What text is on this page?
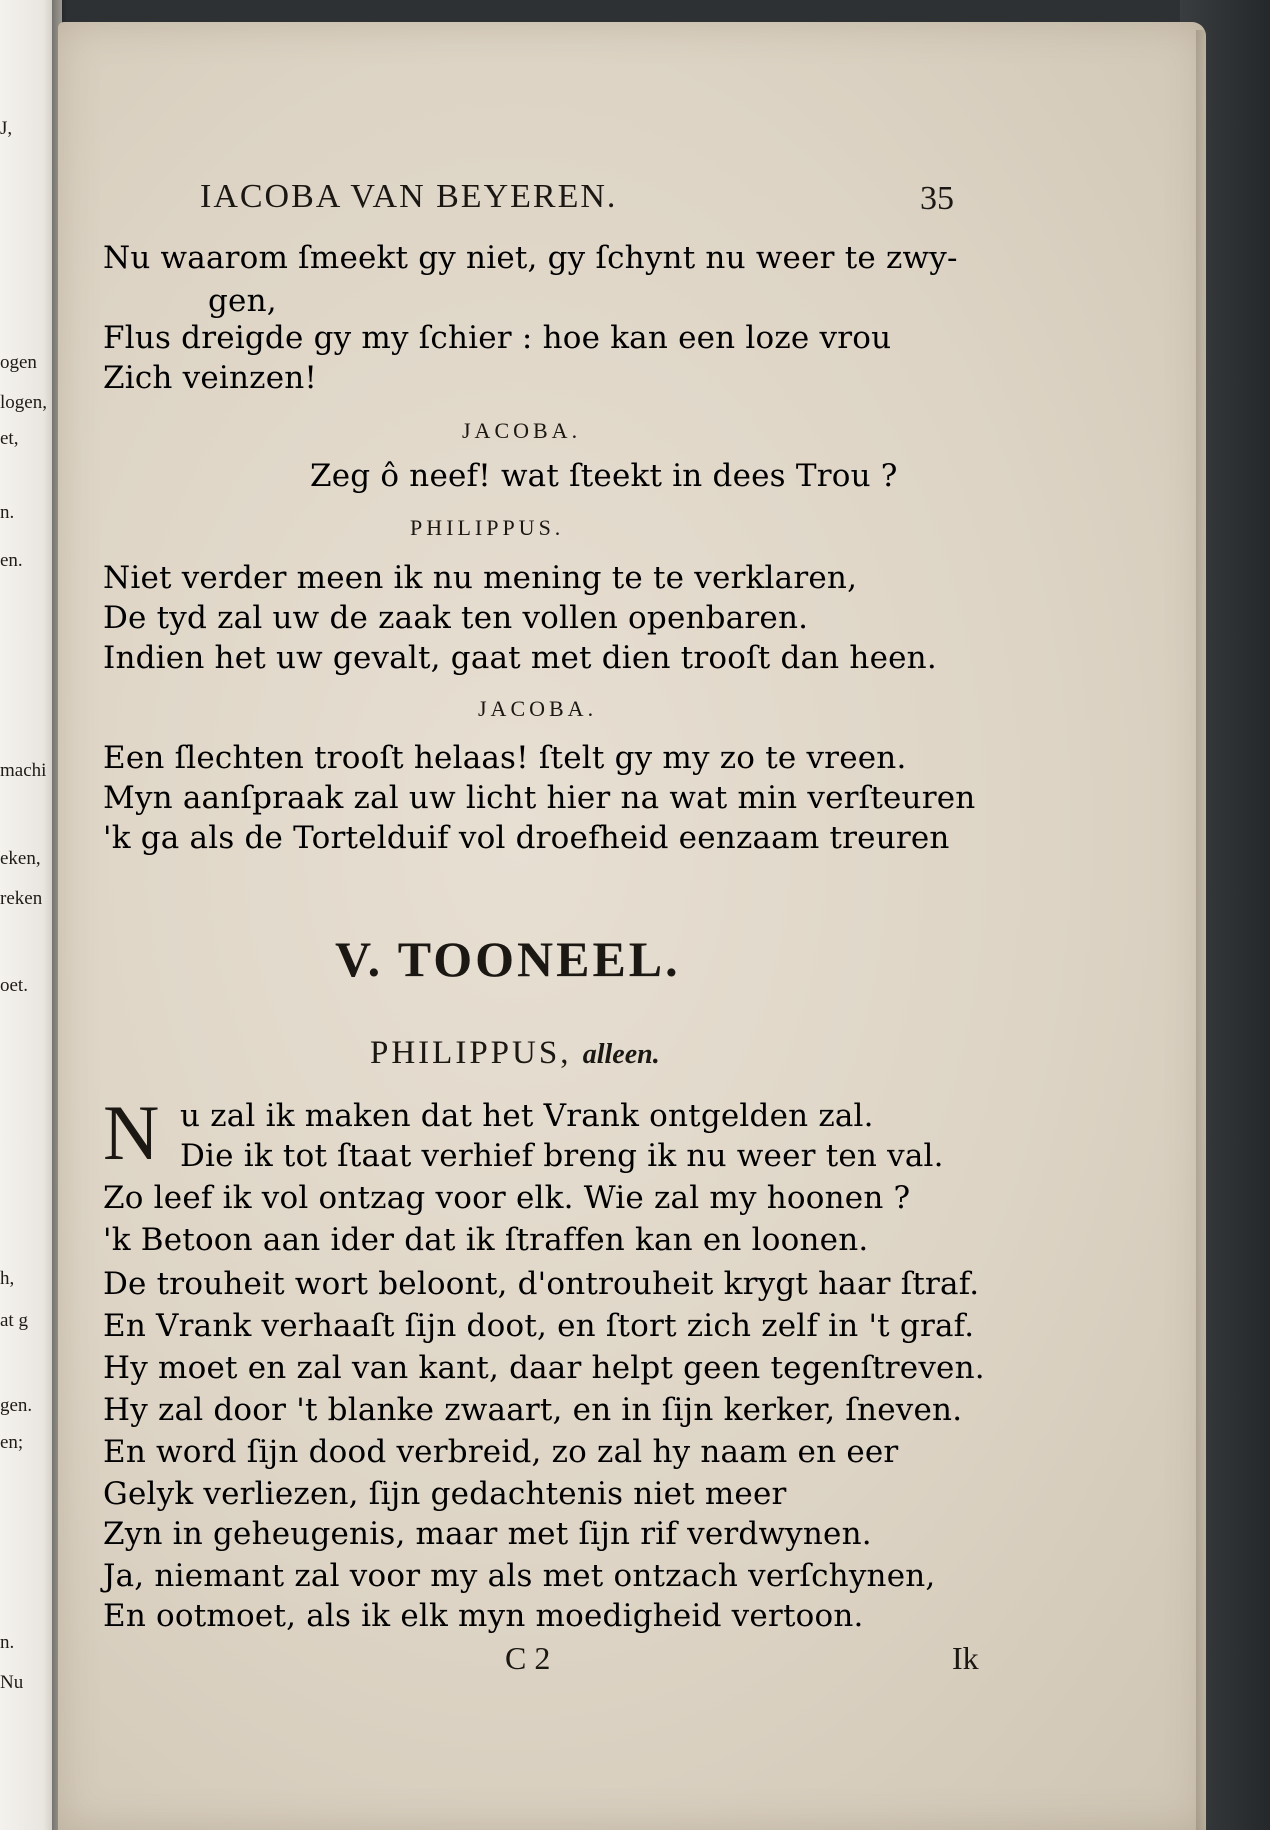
J,
ogen
logen,
et,
n.
en.
machi
eken,
reken
oet.
h,
at g
gen.
en;
n.
Nu
IACOBA VAN BEYEREN.	35
Nu waarom ſmeekt gy niet, gy ſchynt nu weer te zwy-
gen,
Flus dreigde gy my ſchier : hoe kan een loze vrou
Zich veinzen!
JACOBA.
Zeg ô neef! wat ſteekt in dees Trou ?
PHILIPPUS.
Niet verder meen ik nu mening te te verklaren,
De tyd zal uw de zaak ten vollen openbaren.
Indien het uw gevalt, gaat met dien trooſt dan heen.
JACOBA.
Een ſlechten trooſt helaas! ſtelt gy my zo te vreen.
Myn aanſpraak zal uw licht hier na wat min verſteuren
'k ga als de Tortelduif vol droefheid eenzaam treuren
V. TOONEEL.
PHILIPPUS, alleen.
N u zal ik maken dat het Vrank ontgelden zal.
Die ik tot ſtaat verhief breng ik nu weer ten val.
Zo leef ik vol ontzag voor elk. Wie zal my hoonen ?
'k Betoon aan ider dat ik ſtraffen kan en loonen.
De trouheit wort beloont, d'ontrouheit krygt haar ſtraf.
En Vrank verhaaſt ſijn doot, en ſtort zich zelf in 't graf.
Hy moet en zal van kant, daar helpt geen tegenſtreven.
Hy zal door 't blanke zwaart, en in ſijn kerker, ſneven.
En word ſijn dood verbreid, zo zal hy naam en eer
Gelyk verliezen, ſijn gedachtenis niet meer
Zyn in geheugenis, maar met ſijn rif verdwynen.
Ja, niemant zal voor my als met ontzach verſchynen,
En ootmoet, als ik elk myn moedigheid vertoon.
C 2	Ik
